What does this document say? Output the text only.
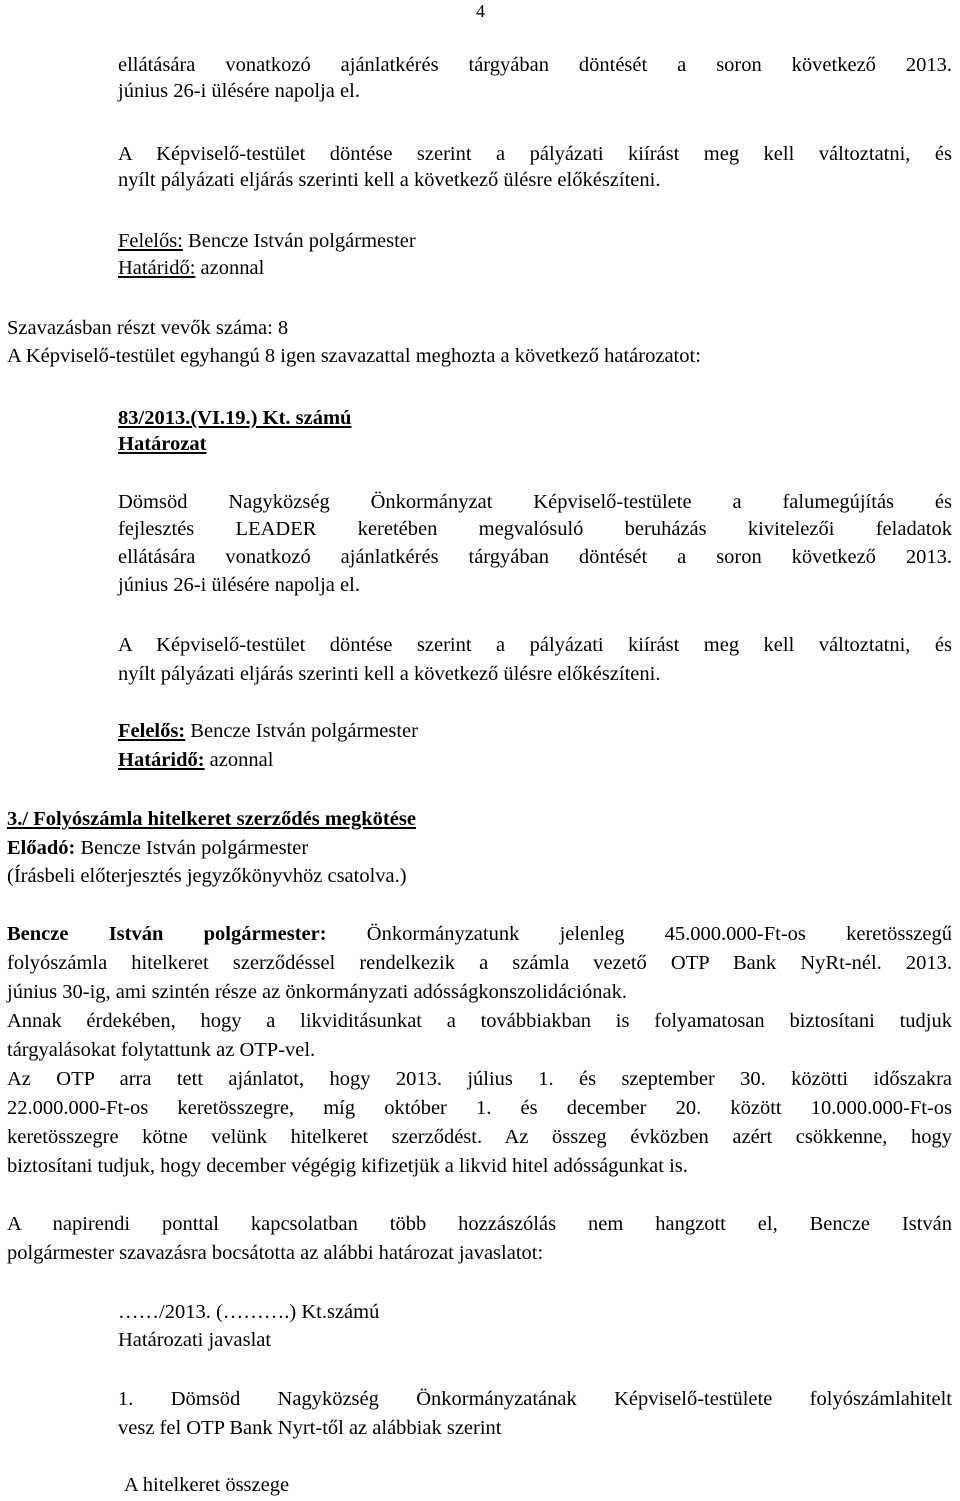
4
ellátására vonatkozó ajánlatkérés tárgyában döntését a soron következő 2013.
június 26-i ülésére napolja el.
A Képviselő-testület döntése szerint a pályázati kiírást meg kell változtatni, és
nyílt pályázati eljárás szerinti kell a következő ülésre előkészíteni.
Felelős: Bencze István polgármester
Határidő: azonnal
Szavazásban részt vevők száma: 8
A Képviselő-testület egyhangú 8 igen szavazattal meghozta a következő határozatot:
83/2013.(VI.19.) Kt. számú
Határozat
Dömsöd Nagyközség Önkormányzat Képviselő-testülete a falumegújítás és
fejlesztés LEADER keretében megvalósuló beruházás kivitelezői feladatok
ellátására vonatkozó ajánlatkérés tárgyában döntését a soron következő 2013.
június 26-i ülésére napolja el.
A Képviselő-testület döntése szerint a pályázati kiírást meg kell változtatni, és
nyílt pályázati eljárás szerinti kell a következő ülésre előkészíteni.
Felelős: Bencze István polgármester
Határidő: azonnal
3./ Folyószámla hitelkeret szerződés megkötése
Előadó: Bencze István polgármester
(Írásbeli előterjesztés jegyzőkönyvhöz csatolva.)
Bencze István polgármester: Önkormányzatunk jelenleg 45.000.000-Ft-os keretösszegű
folyószámla hitelkeret szerződéssel rendelkezik a számla vezető OTP Bank NyRt-nél. 2013.
június 30-ig, ami szintén része az önkormányzati adósságkonszolidációnak.
Annak érdekében, hogy a likviditásunkat a továbbiakban is folyamatosan biztosítani tudjuk
tárgyalásokat folytattunk az OTP-vel.
Az OTP arra tett ajánlatot, hogy 2013. július 1. és szeptember 30. közötti időszakra
22.000.000-Ft-os keretösszegre, míg október 1. és december 20. között 10.000.000-Ft-os
keretösszegre kötne velünk hitelkeret szerződést. Az összeg évközben azért csökkenne, hogy
biztosítani tudjuk, hogy december végégig kifizetjük a likvid hitel adósságunkat is.
A napirendi ponttal kapcsolatban több hozzászólás nem hangzott el, Bencze István
polgármester szavazásra bocsátotta az alábbi határozat javaslatot:
……/2013. (……….) Kt.számú
Határozati javaslat
1. Dömsöd Nagyközség Önkormányzatának Képviselő-testülete folyószámlahitelt
vesz fel OTP Bank Nyrt-től az alábbiak szerint
A hitelkeret összege
